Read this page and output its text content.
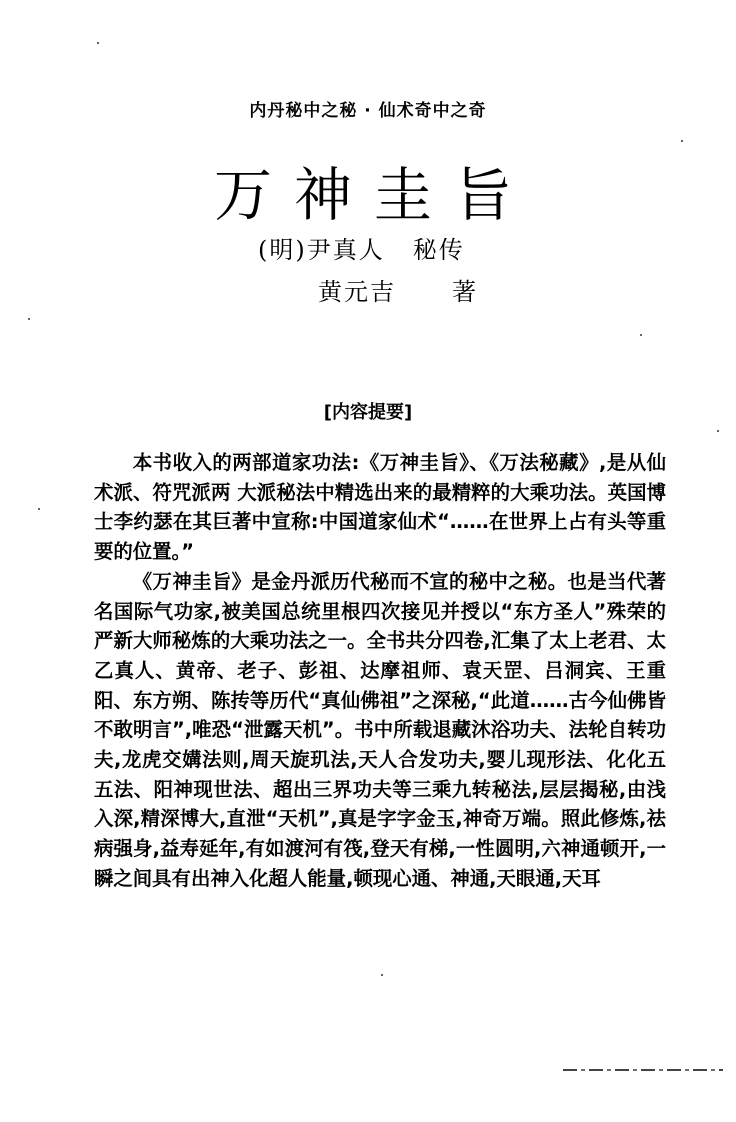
内丹秘中之秘 · 仙术奇中之奇
万神圭旨
(明)尹真人 秘传
黄元吉 著
[内容提要]

本书收入的两部道家功法:《万神圭旨》、《万法秘藏》,是从仙术派、符咒派两 大派秘法中精选出来的最精粹的大乘功法。英国博士李约瑟在其巨著中宣称:中国道家仙术“……在世界上占有头等重要的位置。”

《万神圭旨》是金丹派历代秘而不宣的秘中之秘。也是当代著名国际气功家,被美国总统里根四次接见并授以“东方圣人”殊荣的严新大师秘炼的大乘功法之一。全书共分四卷,汇集了太上老君、太乙真人、黄帝、老子、彭祖、达摩祖师、袁天罡、吕洞宾、王重阳、东方朔、陈抟等历代“真仙佛祖”之深秘,“此道……古今仙佛皆不敢明言”,唯恐“泄露天机”。书中所载退藏沐浴功夫、法轮自转功夫,龙虎交媾法则,周天旋玑法,天人合发功夫,婴儿现形法、化化五五法、阳神现世法、超出三界功夫等三乘九转秘法,层层揭秘,由浅入深,精深博大,直泄“天机”,真是字字金玉,神奇万端。照此修炼,祛病强身,益寿延年,有如渡河有筏,登天有梯,一性圆明,六神通顿开,一瞬之间具有出神入化超人能量,顿现心通、神通,天眼通,天耳
